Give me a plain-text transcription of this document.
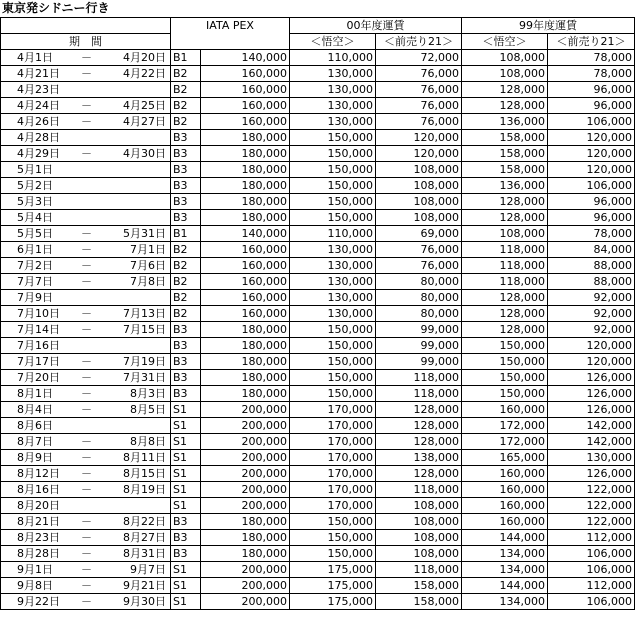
東京発シドニー行き
	IATA PEX		00年度運賃		99年度運賃	
期　間			＜悟空＞	＜前売り21＞	＜悟空＞	＜前売り21＞

4月1日 － 4月20日	B1	140,000	110,000	72,000	108,000	78,000

4月21日 － 4月22日	B2	160,000	130,000	76,000	108,000	78,000

4月23日	B2	160,000	130,000	76,000	128,000	96,000

4月24日 － 4月25日	B2	160,000	130,000	76,000	128,000	96,000

4月26日 － 4月27日	B2	160,000	130,000	76,000	136,000	106,000

4月28日	B3	180,000	150,000	120,000	158,000	120,000

4月29日 － 4月30日	B3	180,000	150,000	120,000	158,000	120,000

5月1日	B3	180,000	150,000	108,000	158,000	120,000

5月2日	B3	180,000	150,000	108,000	136,000	106,000

5月3日	B3	180,000	150,000	108,000	128,000	96,000

5月4日	B3	180,000	150,000	108,000	128,000	96,000

5月5日 － 5月31日	B1	140,000	110,000	69,000	108,000	78,000

6月1日 － 7月1日	B2	160,000	130,000	76,000	118,000	84,000

7月2日 － 7月6日	B2	160,000	130,000	76,000	118,000	88,000

7月7日 － 7月8日	B2	160,000	130,000	80,000	118,000	88,000

7月9日	B2	160,000	130,000	80,000	128,000	92,000

7月10日 － 7月13日	B2	160,000	130,000	80,000	128,000	92,000

7月14日 － 7月15日	B3	180,000	150,000	99,000	128,000	92,000

7月16日	B3	180,000	150,000	99,000	150,000	120,000

7月17日 － 7月19日	B3	180,000	150,000	99,000	150,000	120,000

7月20日 － 7月31日	B3	180,000	150,000	118,000	150,000	126,000

8月1日 － 8月3日	B3	180,000	150,000	118,000	150,000	126,000

8月4日 － 8月5日	S1	200,000	170,000	128,000	160,000	126,000

8月6日	S1	200,000	170,000	128,000	172,000	142,000

8月7日 － 8月8日	S1	200,000	170,000	128,000	172,000	142,000

8月9日 － 8月11日	S1	200,000	170,000	138,000	165,000	130,000

8月12日 － 8月15日	S1	200,000	170,000	128,000	160,000	126,000

8月16日 － 8月19日	S1	200,000	170,000	118,000	160,000	122,000

8月20日	S1	200,000	170,000	108,000	160,000	122,000

8月21日 － 8月22日	B3	180,000	150,000	108,000	160,000	122,000

8月23日 － 8月27日	B3	180,000	150,000	108,000	144,000	112,000

8月28日 － 8月31日	B3	180,000	150,000	108,000	134,000	106,000

9月1日 － 9月7日	S1	200,000	175,000	118,000	134,000	106,000

9月8日 － 9月21日	S1	200,000	175,000	158,000	144,000	112,000

9月22日 － 9月30日	S1	200,000	175,000	158,000	134,000	106,000
